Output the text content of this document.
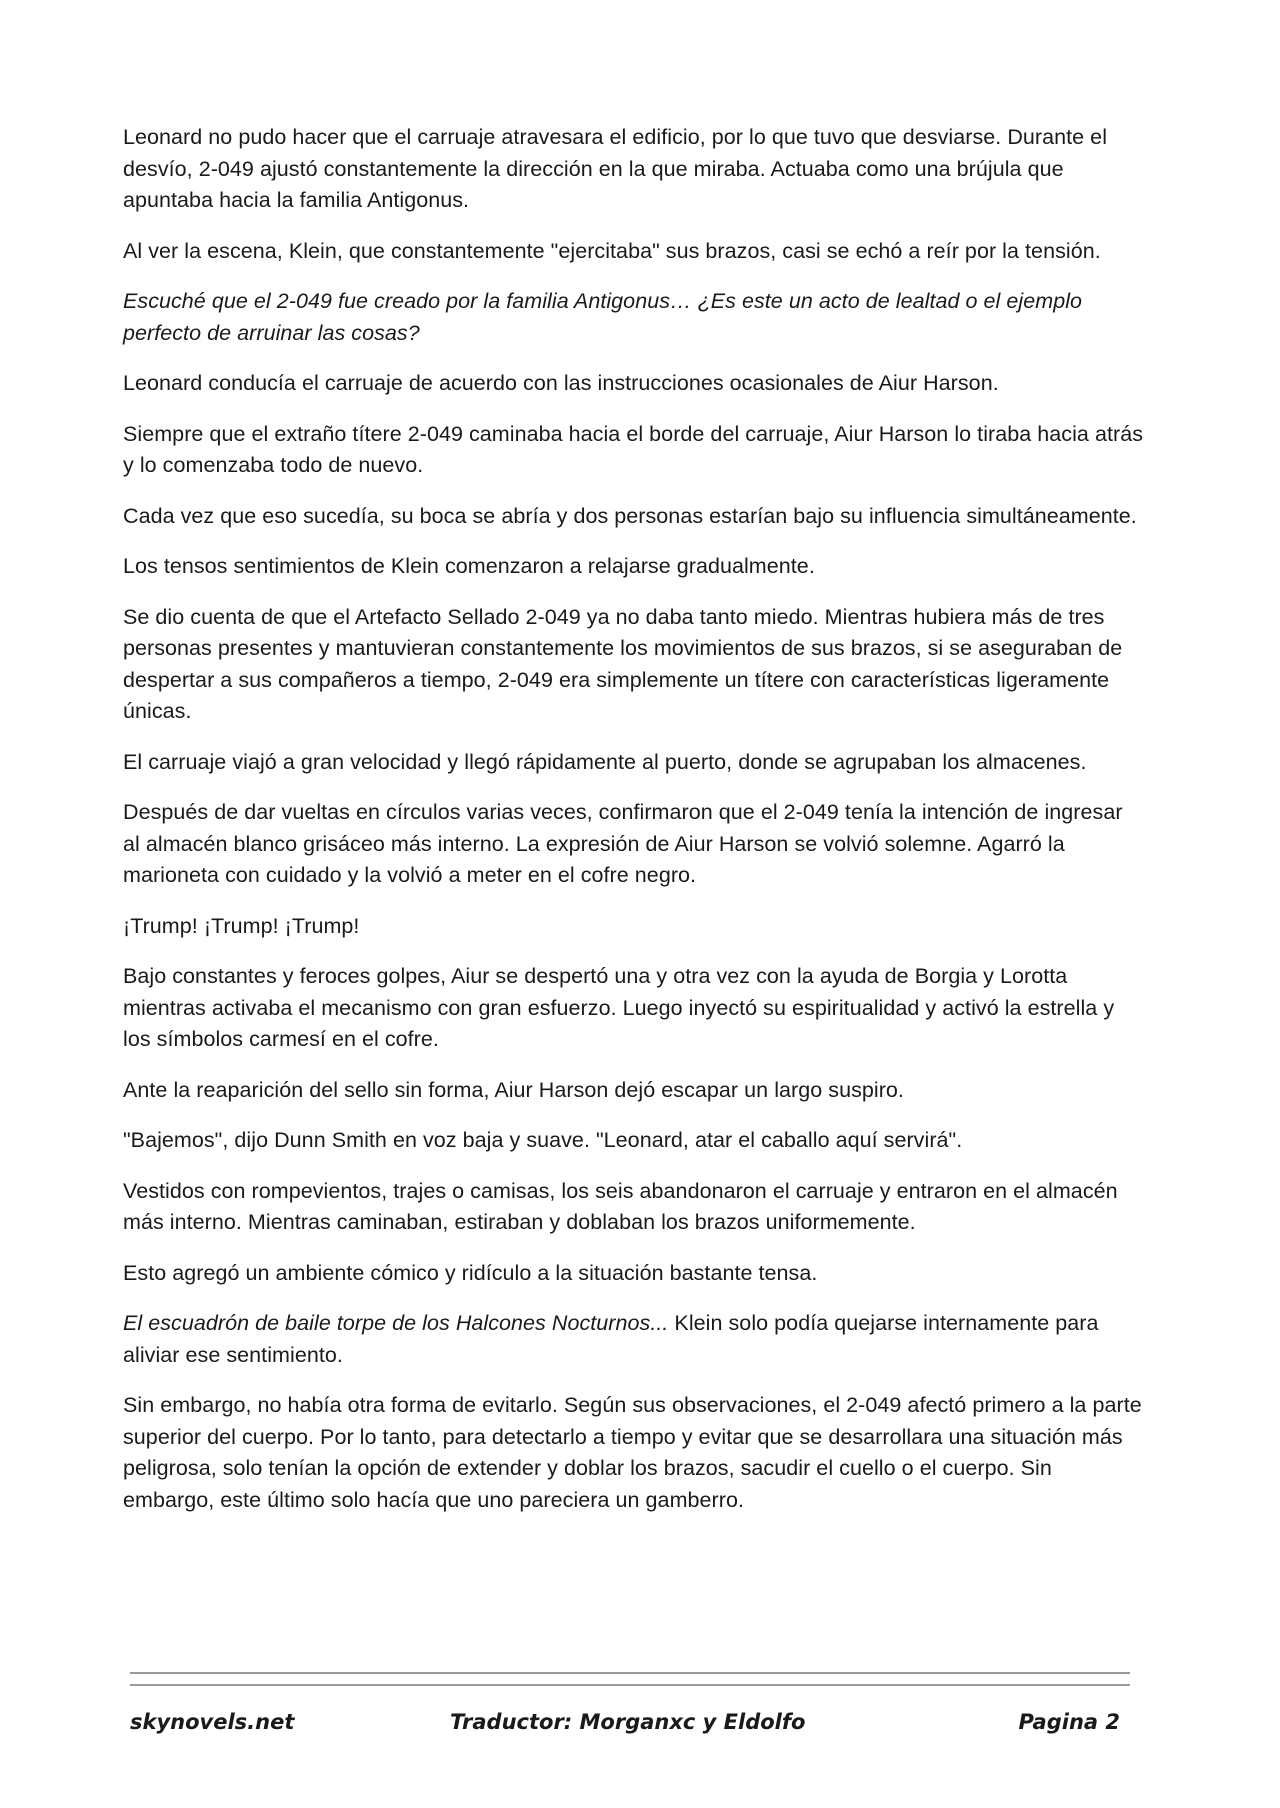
Leonard no pudo hacer que el carruaje atravesara el edificio, por lo que tuvo que desviarse. Durante el desvío, 2-049 ajustó constantemente la dirección en la que miraba. Actuaba como una brújula que apuntaba hacia la familia Antigonus.

Al ver la escena, Klein, que constantemente "ejercitaba" sus brazos, casi se echó a reír por la tensión.

Escuché que el 2-049 fue creado por la familia Antigonus… ¿Es este un acto de lealtad o el ejemplo perfecto de arruinar las cosas?

Leonard conducía el carruaje de acuerdo con las instrucciones ocasionales de Aiur Harson.

Siempre que el extraño títere 2-049 caminaba hacia el borde del carruaje, Aiur Harson lo tiraba hacia atrás y lo comenzaba todo de nuevo.

Cada vez que eso sucedía, su boca se abría y dos personas estarían bajo su influencia simultáneamente.

Los tensos sentimientos de Klein comenzaron a relajarse gradualmente.

Se dio cuenta de que el Artefacto Sellado 2-049 ya no daba tanto miedo. Mientras hubiera más de tres personas presentes y mantuvieran constantemente los movimientos de sus brazos, si se aseguraban de despertar a sus compañeros a tiempo, 2-049 era simplemente un títere con características ligeramente únicas.

El carruaje viajó a gran velocidad y llegó rápidamente al puerto, donde se agrupaban los almacenes.

Después de dar vueltas en círculos varias veces, confirmaron que el 2-049 tenía la intención de ingresar al almacén blanco grisáceo más interno. La expresión de Aiur Harson se volvió solemne. Agarró la marioneta con cuidado y la volvió a meter en el cofre negro.

¡Trump! ¡Trump! ¡Trump!

Bajo constantes y feroces golpes, Aiur se despertó una y otra vez con la ayuda de Borgia y Lorotta mientras activaba el mecanismo con gran esfuerzo. Luego inyectó su espiritualidad y activó la estrella y los símbolos carmesí en el cofre.

Ante la reaparición del sello sin forma, Aiur Harson dejó escapar un largo suspiro.

"Bajemos", dijo Dunn Smith en voz baja y suave. "Leonard, atar el caballo aquí servirá".

Vestidos con rompevientos, trajes o camisas, los seis abandonaron el carruaje y entraron en el almacén más interno. Mientras caminaban, estiraban y doblaban los brazos uniformemente.

Esto agregó un ambiente cómico y ridículo a la situación bastante tensa.

El escuadrón de baile torpe de los Halcones Nocturnos... Klein solo podía quejarse internamente para aliviar ese sentimiento.

Sin embargo, no había otra forma de evitarlo. Según sus observaciones, el 2-049 afectó primero a la parte superior del cuerpo. Por lo tanto, para detectarlo a tiempo y evitar que se desarrollara una situación más peligrosa, solo tenían la opción de extender y doblar los brazos, sacudir el cuello o el cuerpo. Sin embargo, este último solo hacía que uno pareciera un gamberro.

skynovels.net	Traductor: Morganxc y Eldolfo	Pagina 2
